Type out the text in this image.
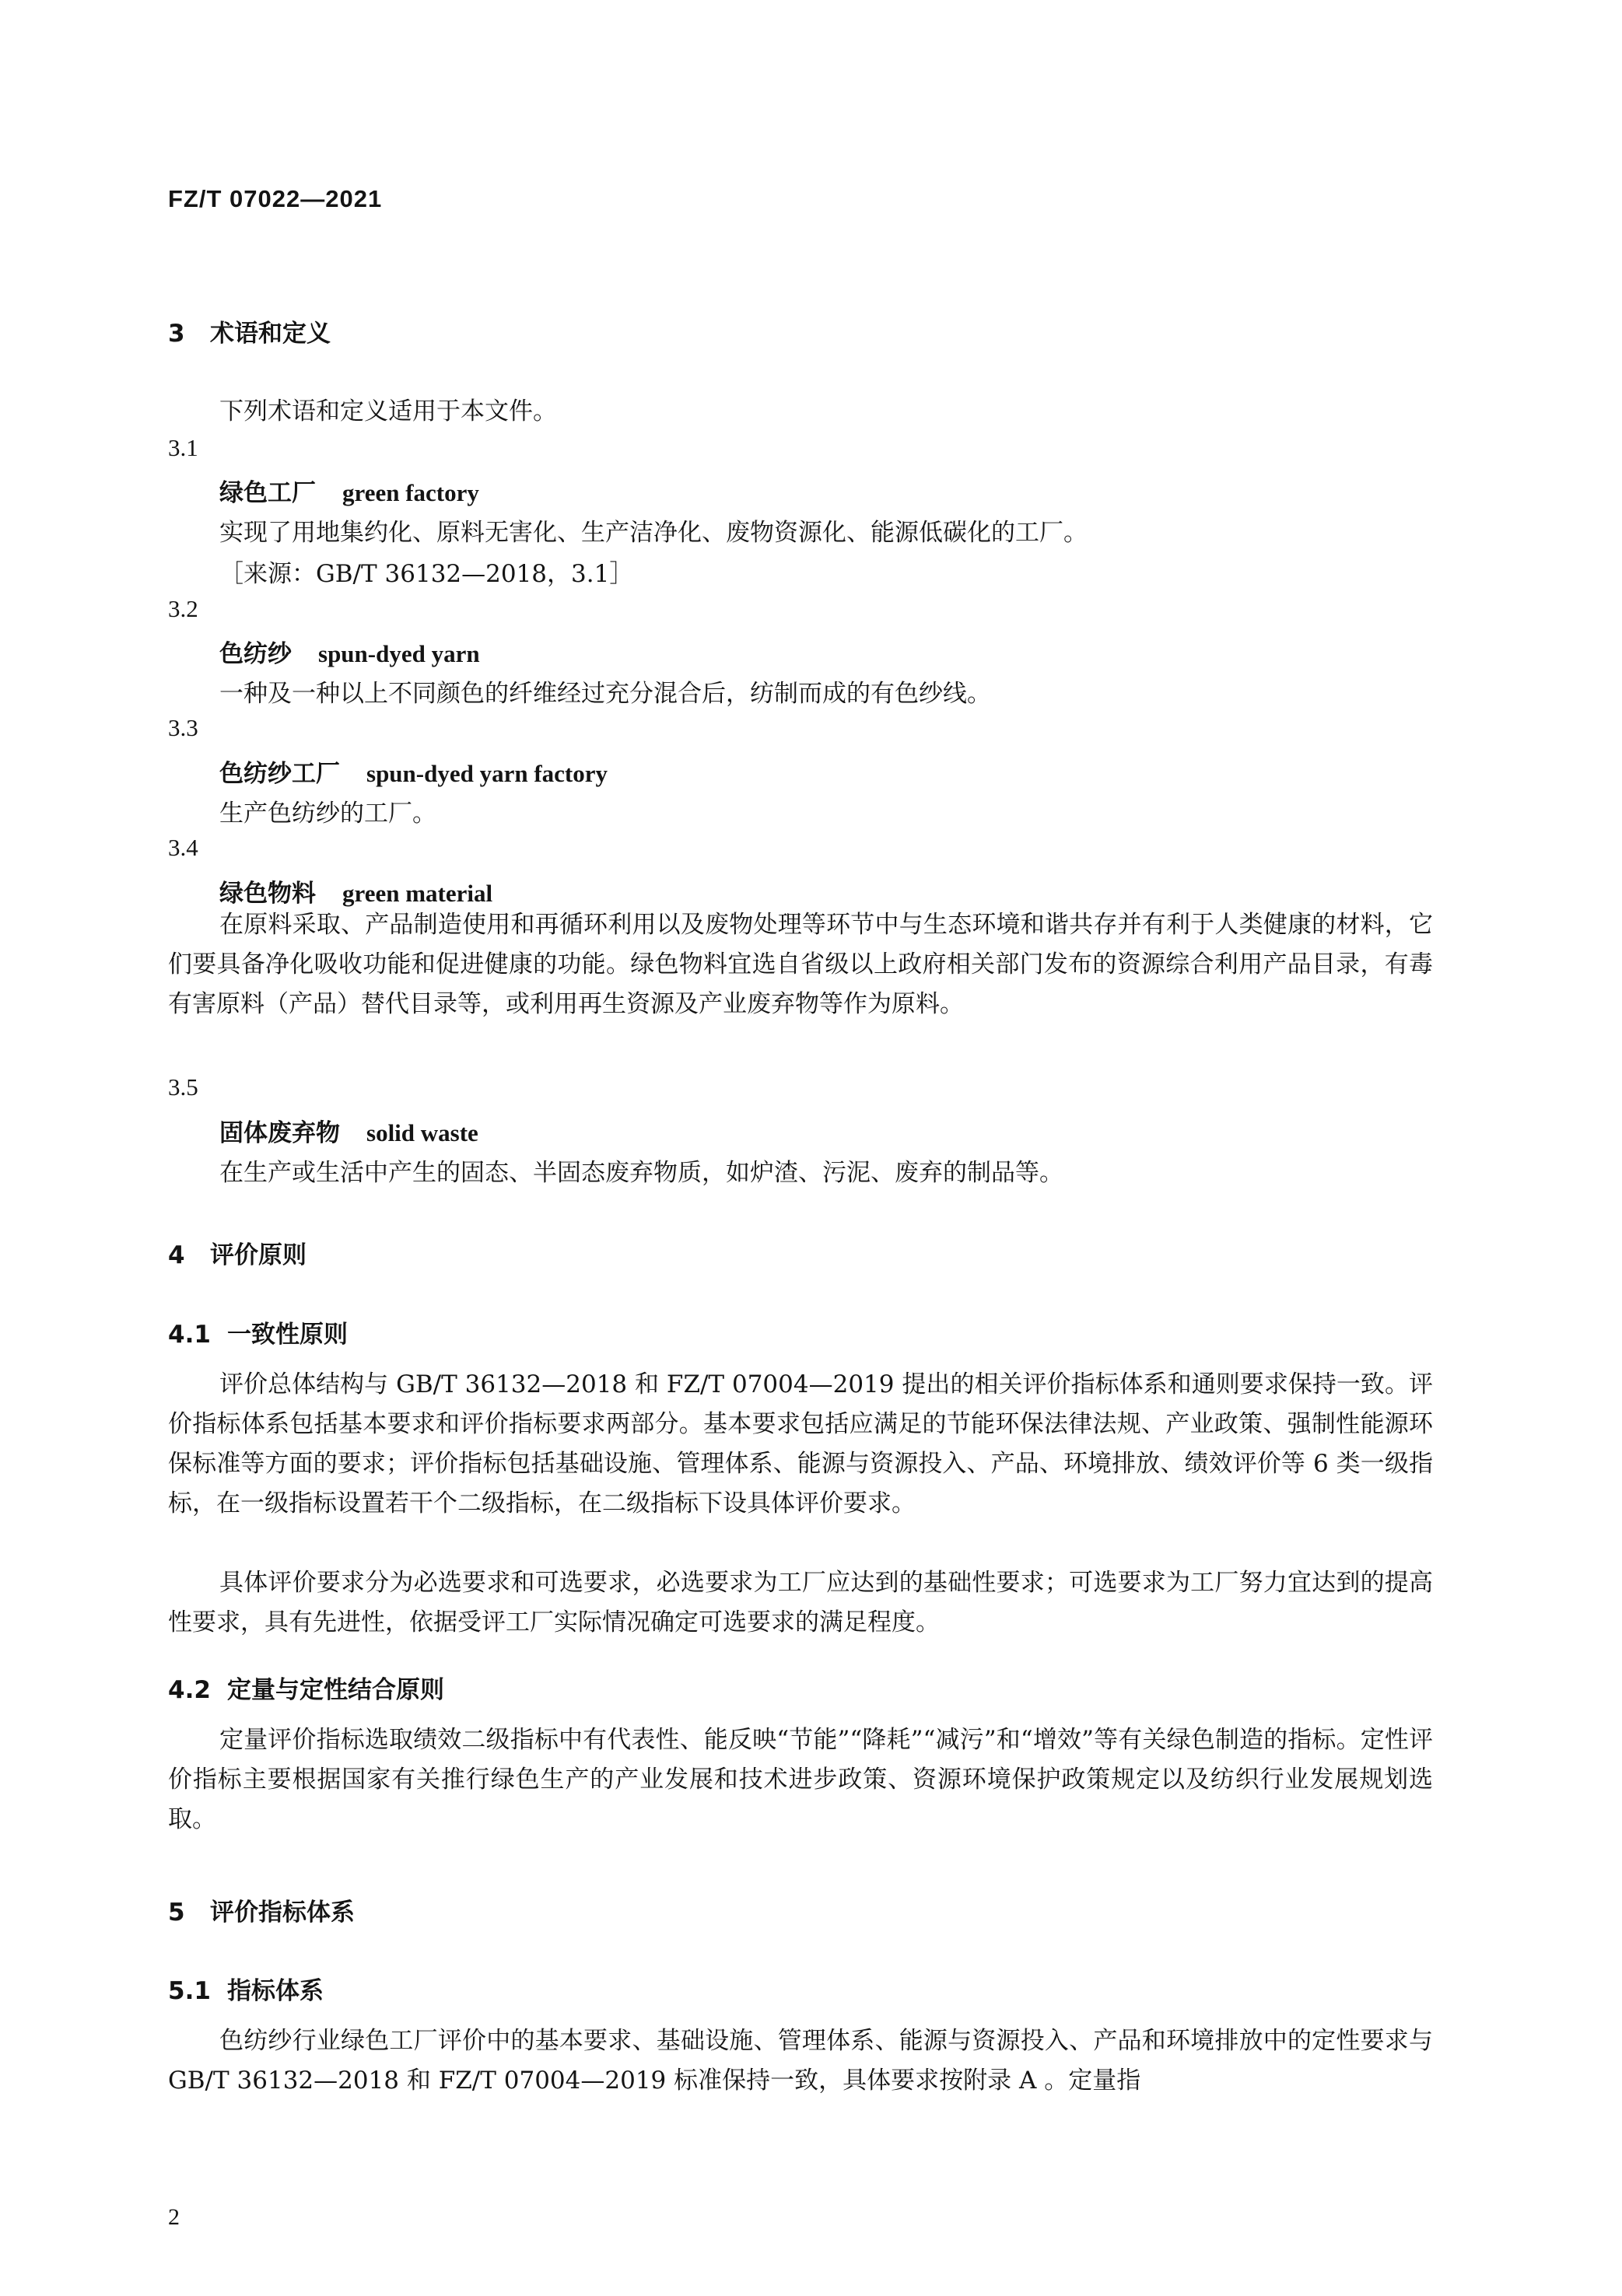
FZ/T 07022—2021
3 术语和定义
下列术语和定义适用于本文件。
3.1
绿色工厂 green factory
实现了用地集约化、原料无害化、生产洁净化、废物资源化、能源低碳化的工厂。
［来源：GB/T 36132—2018，3.1］
3.2
色纺纱 spun-dyed yarn
一种及一种以上不同颜色的纤维经过充分混合后，纺制而成的有色纱线。
3.3
色纺纱工厂 spun-dyed yarn factory
生产色纺纱的工厂。
3.4
绿色物料 green material
在原料采取、产品制造使用和再循环利用以及废物处理等环节中与生态环境和谐共存并有利于人类健康的材料，它们要具备净化吸收功能和促进健康的功能。绿色物料宜选自省级以上政府相关部门发布的资源综合利用产品目录，有毒有害原料（产品）替代目录等，或利用再生资源及产业废弃物等作为原料。
3.5
固体废弃物 solid waste
在生产或生活中产生的固态、半固态废弃物质，如炉渣、污泥、废弃的制品等。
4 评价原则
4.1 一致性原则
评价总体结构与 GB/T 36132—2018 和 FZ/T 07004—2019 提出的相关评价指标体系和通则要求保持一致。评价指标体系包括基本要求和评价指标要求两部分。基本要求包括应满足的节能环保法律法规、产业政策、强制性能源环保标准等方面的要求；评价指标包括基础设施、管理体系、能源与资源投入、产品、环境排放、绩效评价等 6 类一级指标，在一级指标设置若干个二级指标，在二级指标下设具体评价要求。
具体评价要求分为必选要求和可选要求，必选要求为工厂应达到的基础性要求；可选要求为工厂努力宜达到的提高性要求，具有先进性，依据受评工厂实际情况确定可选要求的满足程度。
4.2 定量与定性结合原则
定量评价指标选取绩效二级指标中有代表性、能反映“节能”“降耗”“减污”和“增效”等有关绿色制造的指标。定性评价指标主要根据国家有关推行绿色生产的产业发展和技术进步政策、资源环境保护政策规定以及纺织行业发展规划选取。
5 评价指标体系
5.1 指标体系
色纺纱行业绿色工厂评价中的基本要求、基础设施、管理体系、能源与资源投入、产品和环境排放中的定性要求与 GB/T 36132—2018 和 FZ/T 07004—2019 标准保持一致，具体要求按附录 A 。定量指
2
